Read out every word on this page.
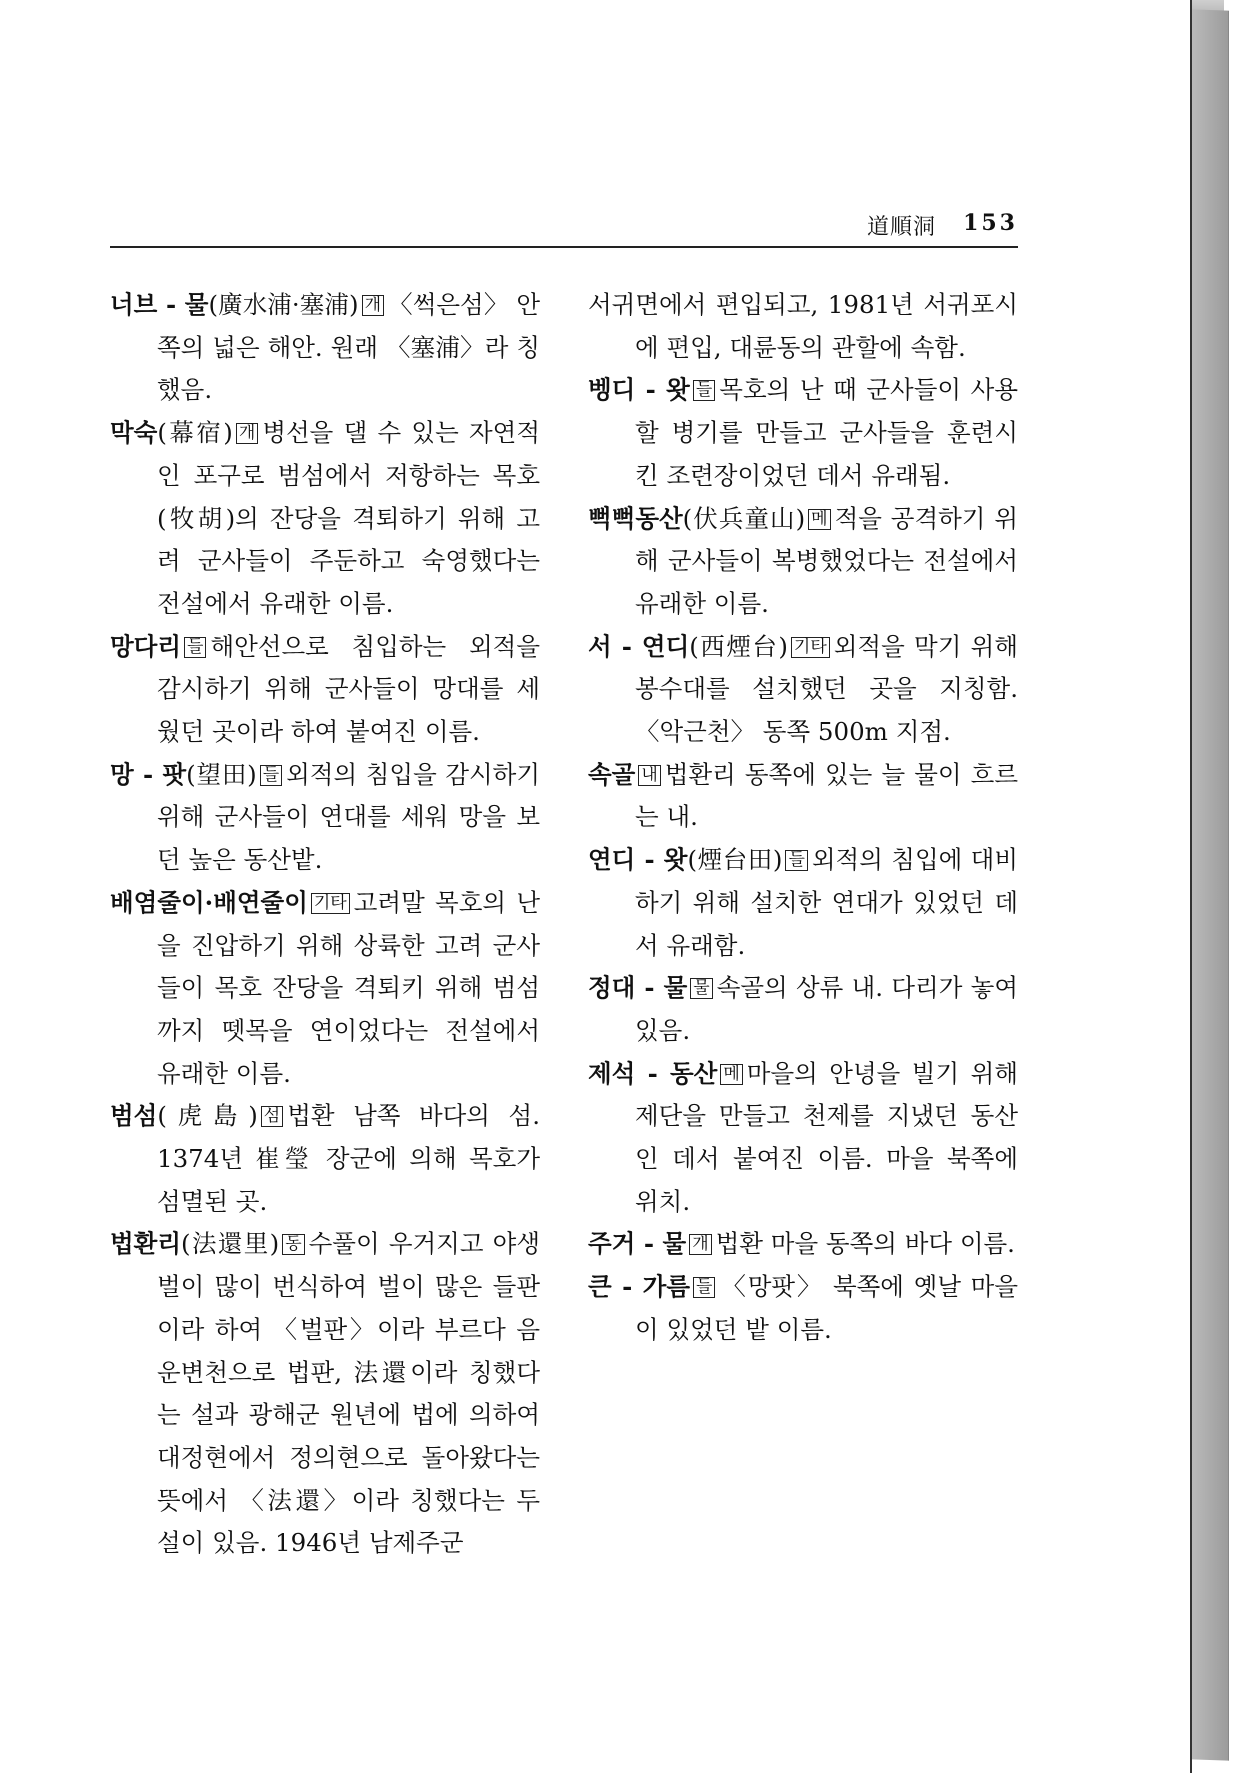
道順洞 153
너브 - 물(廣水浦·塞浦) 개 〈썩은섬〉 안쪽의 넓은 해안. 원래 〈塞浦〉라 칭했음.
막숙(幕宿) 개 병선을 댈 수 있는 자연적인 포구로 범섬에서 저항하는 목호(牧胡)의 잔당을 격퇴하기 위해 고려 군사들이 주둔하고 숙영했다는 전설에서 유래한 이름.
망다리 들 해안선으로 침입하는 외적을 감시하기 위해 군사들이 망대를 세웠던 곳이라 하여 붙여진 이름.
망 - 팟(望田) 들 외적의 침입을 감시하기 위해 군사들이 연대를 세워 망을 보던 높은 동산밭.
배염줄이·배연줄이 기타 고려말 목호의 난을 진압하기 위해 상륙한 고려 군사들이 목호 잔당을 격퇴키 위해 범섬까지 뗏목을 연이었다는 전설에서 유래한 이름.
범섬(虎島) 섬 법환 남쪽 바다의 섬. 1374년 崔瑩 장군에 의해 목호가 섬멸된 곳.
법환리(法還里) 동 수풀이 우거지고 야생벌이 많이 번식하여 벌이 많은 들판이라 하여 〈벌판〉이라 부르다 음운변천으로 법판, 法還이라 칭했다는 설과 광해군 원년에 법에 의하여 대정현에서 정의현으로 돌아왔다는 뜻에서 〈法還〉이라 칭했다는 두 설이 있음. 1946년 남제주군
서귀면에서 편입되고, 1981년 서귀포시에 편입, 대륜동의 관할에 속함.
벵디 - 왓 들 목호의 난 때 군사들이 사용할 병기를 만들고 군사들을 훈련시킨 조련장이었던 데서 유래됨.
뻑뻑동산(伏兵童山) 메 적을 공격하기 위해 군사들이 복병했었다는 전설에서 유래한 이름.
서 - 연디(西煙台) 기타 외적을 막기 위해 봉수대를 설치했던 곳을 지칭함. 〈악근천〉 동쪽 500m 지점.
속골 내 법환리 동쪽에 있는 늘 물이 흐르는 내.
연디 - 왓(煙台田) 들 외적의 침입에 대비하기 위해 설치한 연대가 있었던 데서 유래함.
정대 - 물 물 속골의 상류 내. 다리가 놓여 있음.
제석 - 동산 메 마을의 안녕을 빌기 위해 제단을 만들고 천제를 지냈던 동산인 데서 붙여진 이름. 마을 북쪽에 위치.
주거 - 물 개 법환 마을 동쪽의 바다 이름.
큰 - 가름 들 〈망팟〉 북쪽에 옛날 마을이 있었던 밭 이름.
